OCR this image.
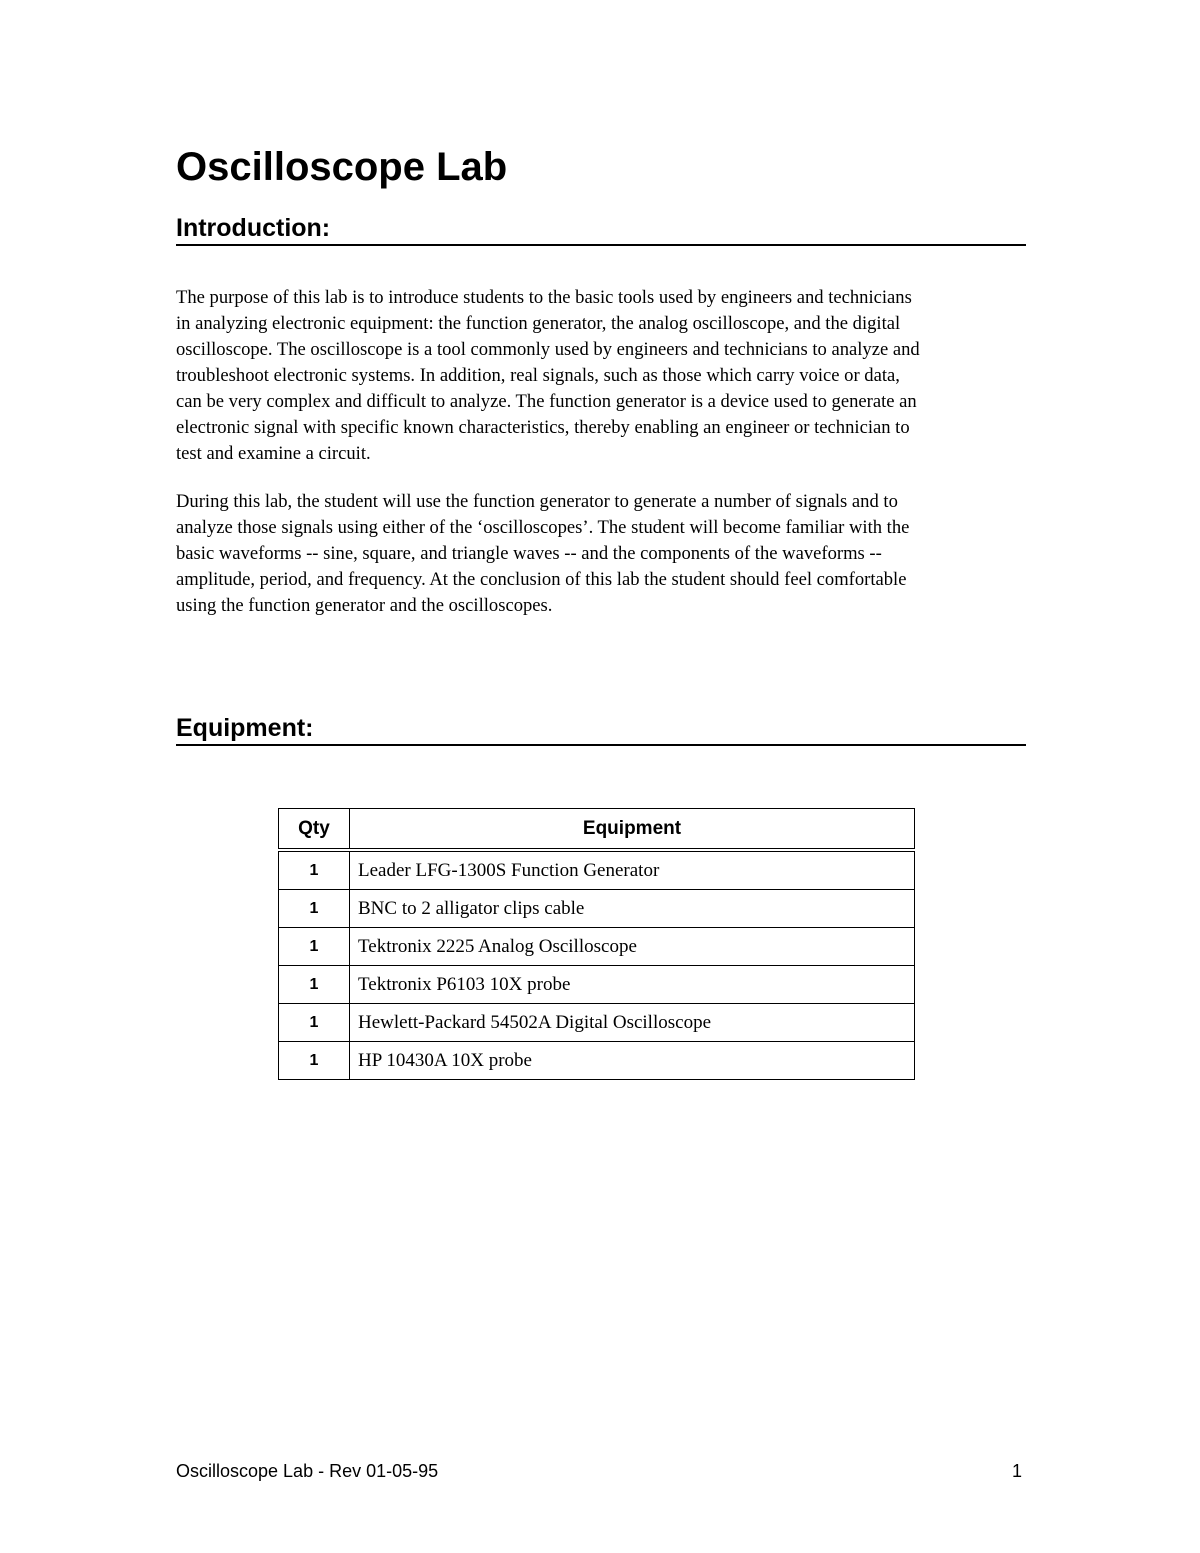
Oscilloscope Lab
Introduction:

The purpose of this lab is to introduce students to the basic tools used by engineers and technicians
in analyzing electronic equipment: the function generator, the analog oscilloscope, and the digital
oscilloscope. The oscilloscope is a tool commonly used by engineers and technicians to analyze and
troubleshoot electronic systems. In addition, real signals, such as those which carry voice or data,
can be very complex and difficult to analyze. The function generator is a device used to generate an
electronic signal with specific known characteristics, thereby enabling an engineer or technician to
test and examine a circuit.

During this lab, the student will use the function generator to generate a number of signals and to
analyze those signals using either of the ‘oscilloscopes’. The student will become familiar with the
basic waveforms -- sine, square, and triangle waves -- and the components of the waveforms --
amplitude, period, and frequency. At the conclusion of this lab the student should feel comfortable
using the function generator and the oscilloscopes.

Equipment:
Qty	Equipment
1	Leader LFG-1300S Function Generator
1	BNC to 2 alligator clips cable
1	Tektronix 2225 Analog Oscilloscope
1	Tektronix P6103 10X probe
1	Hewlett-Packard 54502A Digital Oscilloscope
1	HP 10430A 10X probe
Oscilloscope Lab - Rev 01-05-95	1
